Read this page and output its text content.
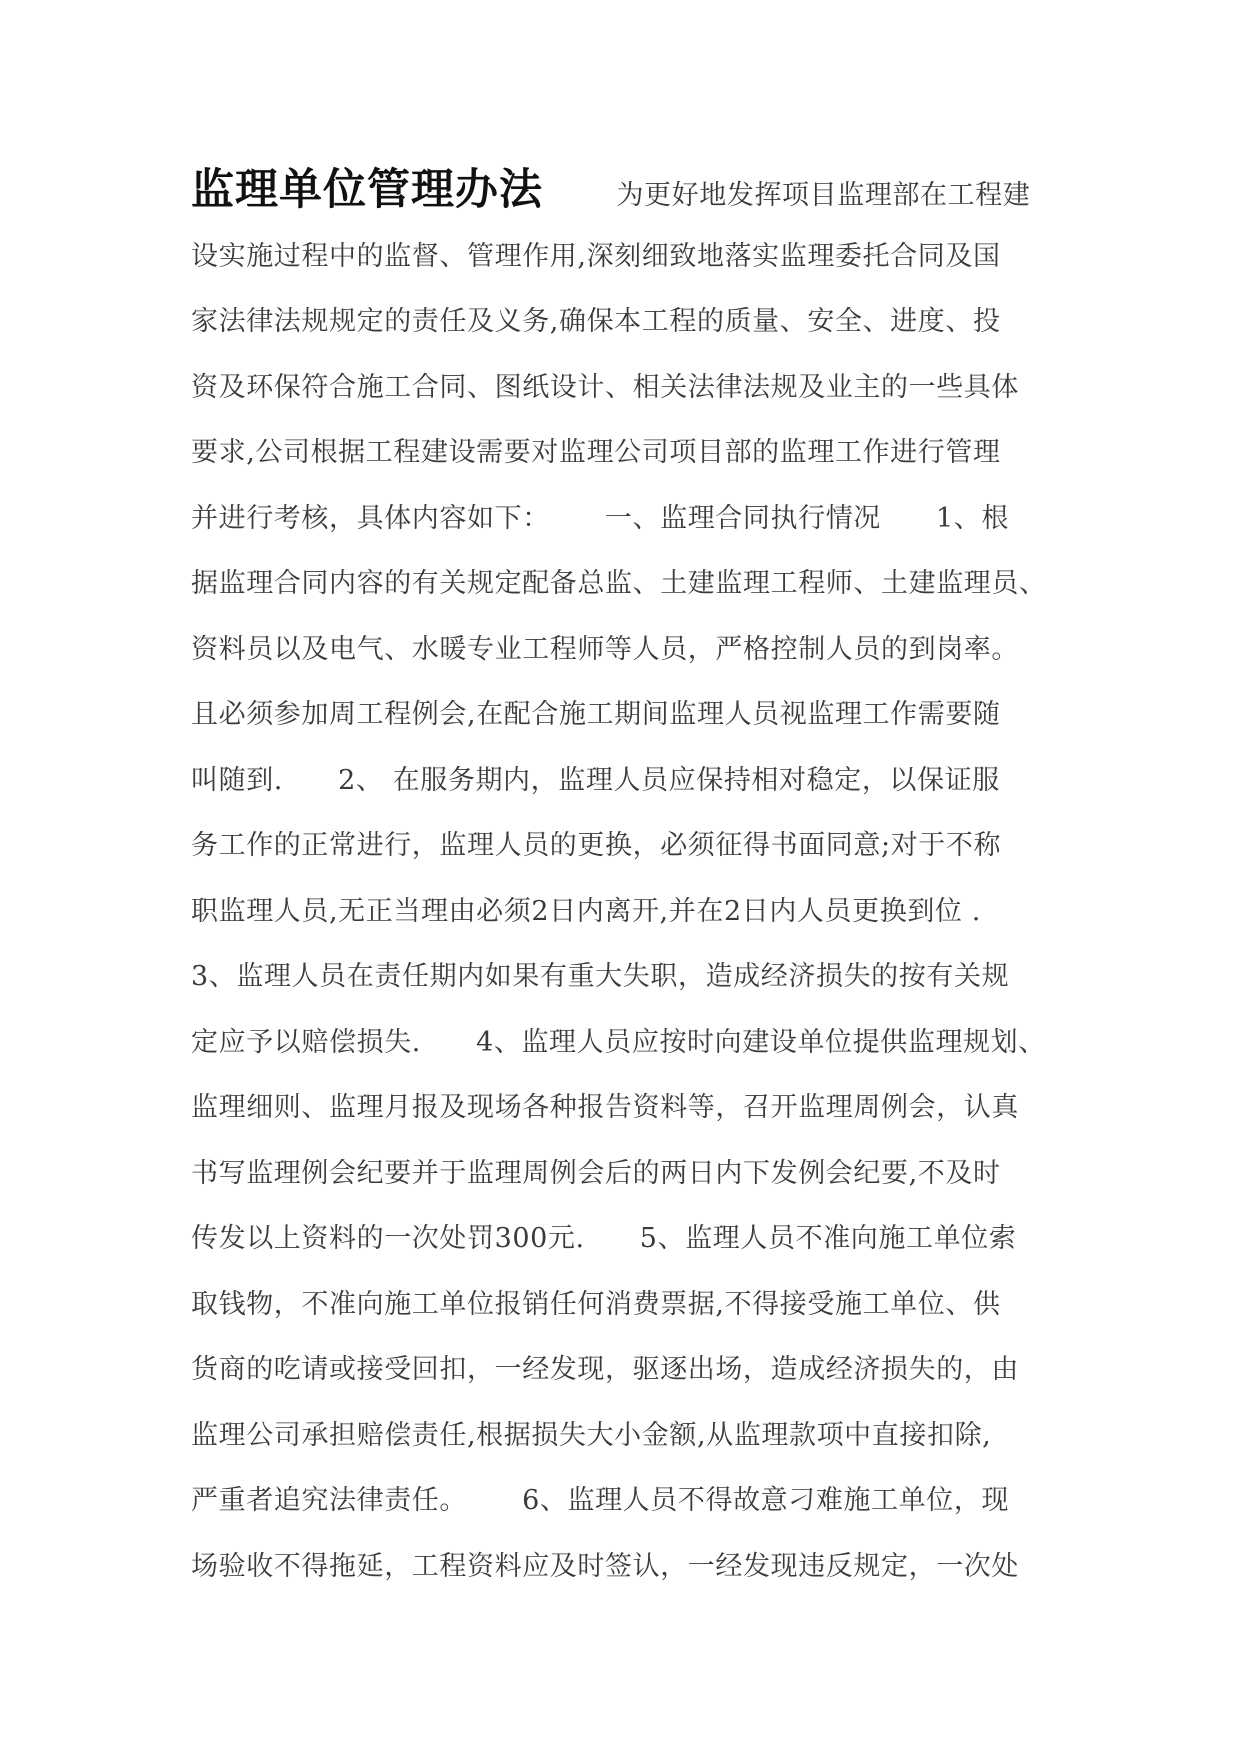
监理单位管理办法        为更好地发挥项目监理部在工程建
设实施过程中的监督、管理作用,深刻细致地落实监理委托合同及国
家法律法规规定的责任及义务,确保本工程的质量、安全、进度、投
资及环保符合施工合同、图纸设计、相关法律法规及业主的一些具体
要求,公司根据工程建设需要对监理公司项目部的监理工作进行管理
并进行考核，具体内容如下：      一、监理合同执行情况      1、根
据监理合同内容的有关规定配备总监、土建监理工程师、土建监理员、
资料员以及电气、水暖专业工程师等人员，严格控制人员的到岗率。
且必须参加周工程例会,在配合施工期间监理人员视监理工作需要随
叫随到.      2、 在服务期内，监理人员应保持相对稳定，以保证服
务工作的正常进行，监理人员的更换，必须征得书面同意;对于不称
职监理人员,无正当理由必须2日内离开,并在2日内人员更换到位 .
3、监理人员在责任期内如果有重大失职，造成经济损失的按有关规
定应予以赔偿损失.      4、监理人员应按时向建设单位提供监理规划、
监理细则、监理月报及现场各种报告资料等，召开监理周例会，认真
书写监理例会纪要并于监理周例会后的两日内下发例会纪要,不及时
传发以上资料的一次处罚300元.      5、监理人员不准向施工单位索
取钱物，不准向施工单位报销任何消费票据,不得接受施工单位、供
货商的吃请或接受回扣，一经发现，驱逐出场，造成经济损失的，由
监理公司承担赔偿责任,根据损失大小金额,从监理款项中直接扣除,
严重者追究法律责任。      6、监理人员不得故意刁难施工单位，现
场验收不得拖延，工程资料应及时签认，一经发现违反规定，一次处
